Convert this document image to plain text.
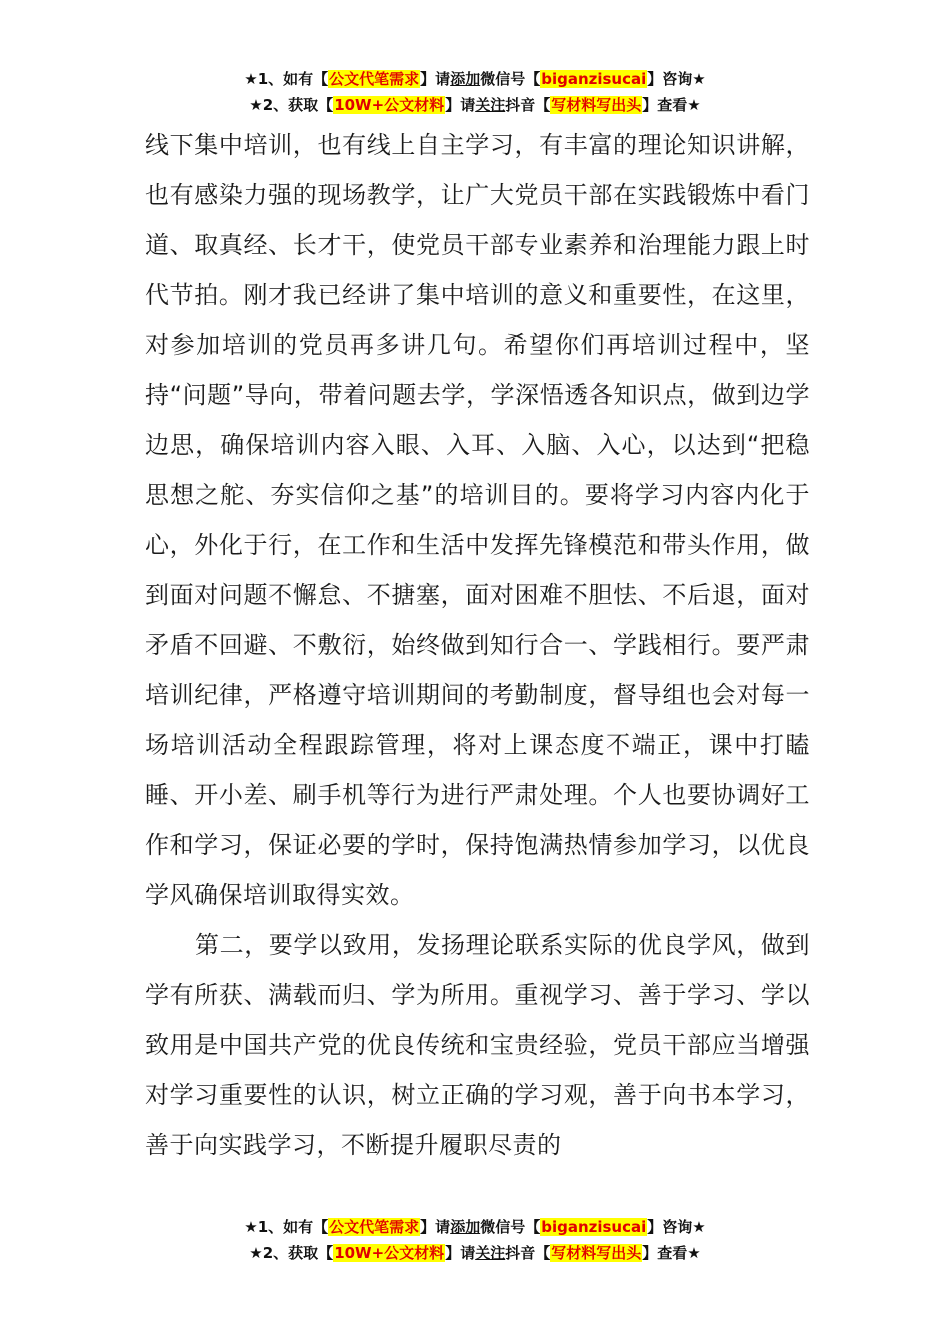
★1、如有【公文代笔需求】请添加微信号【biganzisucai】咨询★
★2、获取【10W+公文材料】请关注抖音【写材料写出头】查看★

线下集中培训，也有线上自主学习，有丰富的理论知识讲解，也有感染力强的现场教学，让广大党员干部在实践锻炼中看门道、取真经、长才干，使党员干部专业素养和治理能力跟上时代节拍。刚才我已经讲了集中培训的意义和重要性，在这里，对参加培训的党员再多讲几句。希望你们再培训过程中，坚持“问题”导向，带着问题去学，学深悟透各知识点，做到边学边思，确保培训内容入眼、入耳、入脑、入心，以达到“把稳思想之舵、夯实信仰之基”的培训目的。要将学习内容内化于心，外化于行，在工作和生活中发挥先锋模范和带头作用，做到面对问题不懈怠、不搪塞，面对困难不胆怯、不后退，面对矛盾不回避、不敷衍，始终做到知行合一、学践相行。要严肃培训纪律，严格遵守培训期间的考勤制度，督导组也会对每一场培训活动全程跟踪管理，将对上课态度不端正，课中打瞌睡、开小差、刷手机等行为进行严肃处理。个人也要协调好工作和学习，保证必要的学时，保持饱满热情参加学习，以优良学风确保培训取得实效。

第二，要学以致用，发扬理论联系实际的优良学风，做到学有所获、满载而归、学为所用。重视学习、善于学习、学以致用是中国共产党的优良传统和宝贵经验，党员干部应当增强对学习重要性的认识，树立正确的学习观，善于向书本学习，善于向实践学习，不断提升履职尽责的

★1、如有【公文代笔需求】请添加微信号【biganzisucai】咨询★
★2、获取【10W+公文材料】请关注抖音【写材料写出头】查看★
